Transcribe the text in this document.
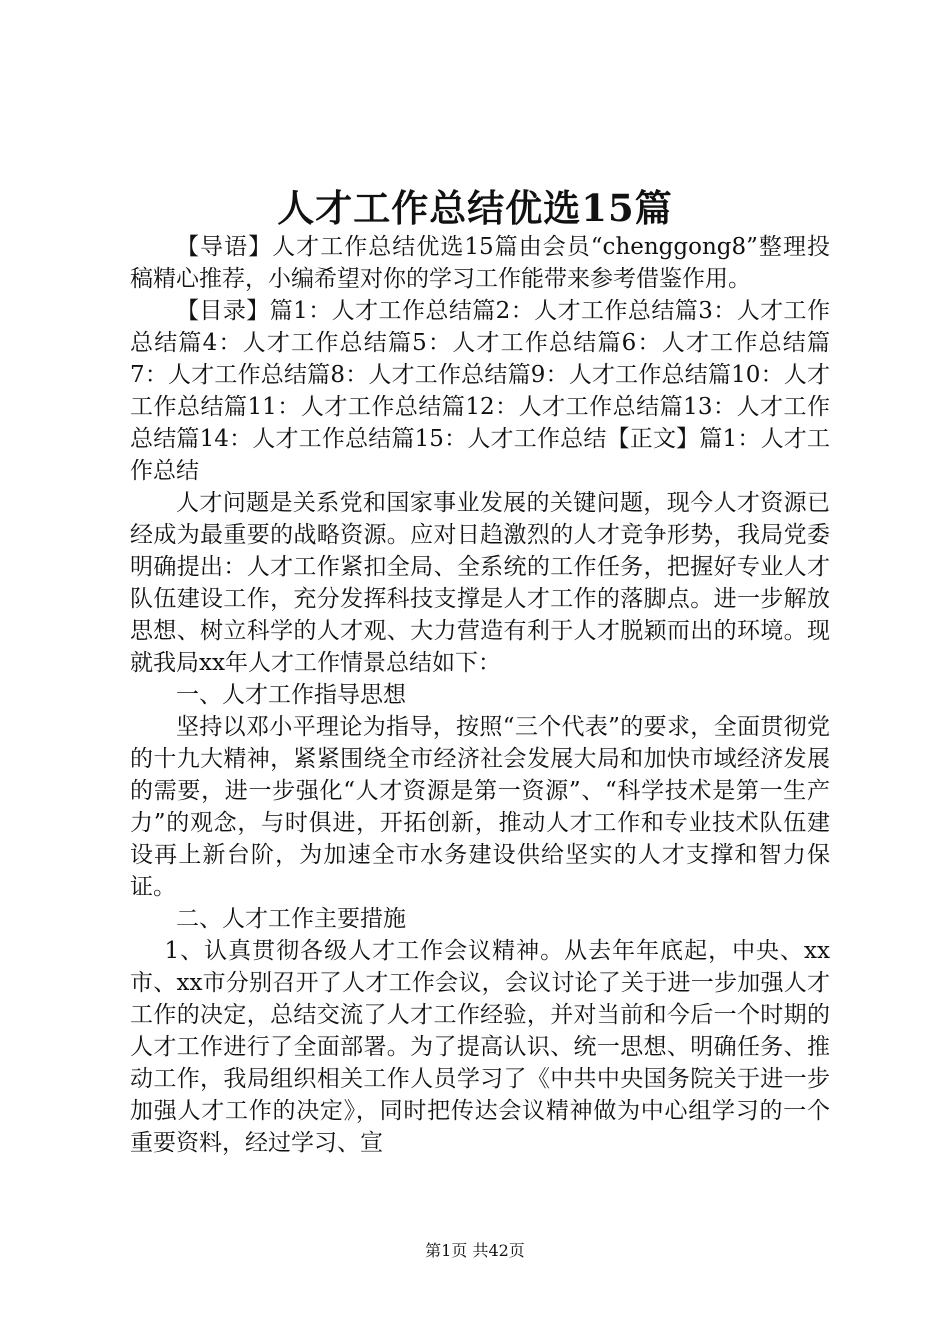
人才工作总结优选15篇

【导语】人才工作总结优选15篇由会员“chenggong8”整理投稿精心推荐，小编希望对你的学习工作能带来参考借鉴作用。

【目录】篇1：人才工作总结篇2：人才工作总结篇3：人才工作总结篇4：人才工作总结篇5：人才工作总结篇6：人才工作总结篇7：人才工作总结篇8：人才工作总结篇9：人才工作总结篇10：人才工作总结篇11：人才工作总结篇12：人才工作总结篇13：人才工作总结篇14：人才工作总结篇15：人才工作总结【正文】篇1：人才工作总结

人才问题是关系党和国家事业发展的关键问题，现今人才资源已经成为最重要的战略资源。应对日趋激烈的人才竞争形势，我局党委明确提出：人才工作紧扣全局、全系统的工作任务，把握好专业人才队伍建设工作，充分发挥科技支撑是人才工作的落脚点。进一步解放思想、树立科学的人才观、大力营造有利于人才脱颖而出的环境。现就我局xx年人才工作情景总结如下：

一、人才工作指导思想

坚持以邓小平理论为指导，按照“三个代表”的要求，全面贯彻党的十九大精神，紧紧围绕全市经济社会发展大局和加快市域经济发展的需要，进一步强化“人才资源是第一资源”、“科学技术是第一生产力”的观念，与时俱进，开拓创新，推动人才工作和专业技术队伍建设再上新台阶，为加速全市水务建设供给坚实的人才支撑和智力保证。

二、人才工作主要措施

1、认真贯彻各级人才工作会议精神。从去年年底起，中央、xx市、xx市分别召开了人才工作会议，会议讨论了关于进一步加强人才工作的决定，总结交流了人才工作经验，并对当前和今后一个时期的人才工作进行了全面部署。为了提高认识、统一思想、明确任务、推动工作，我局组织相关工作人员学习了《中共中央国务院关于进一步加强人才工作的决定》，同时把传达会议精神做为中心组学习的一个重要资料，经过学习、宣

第1页 共42页
